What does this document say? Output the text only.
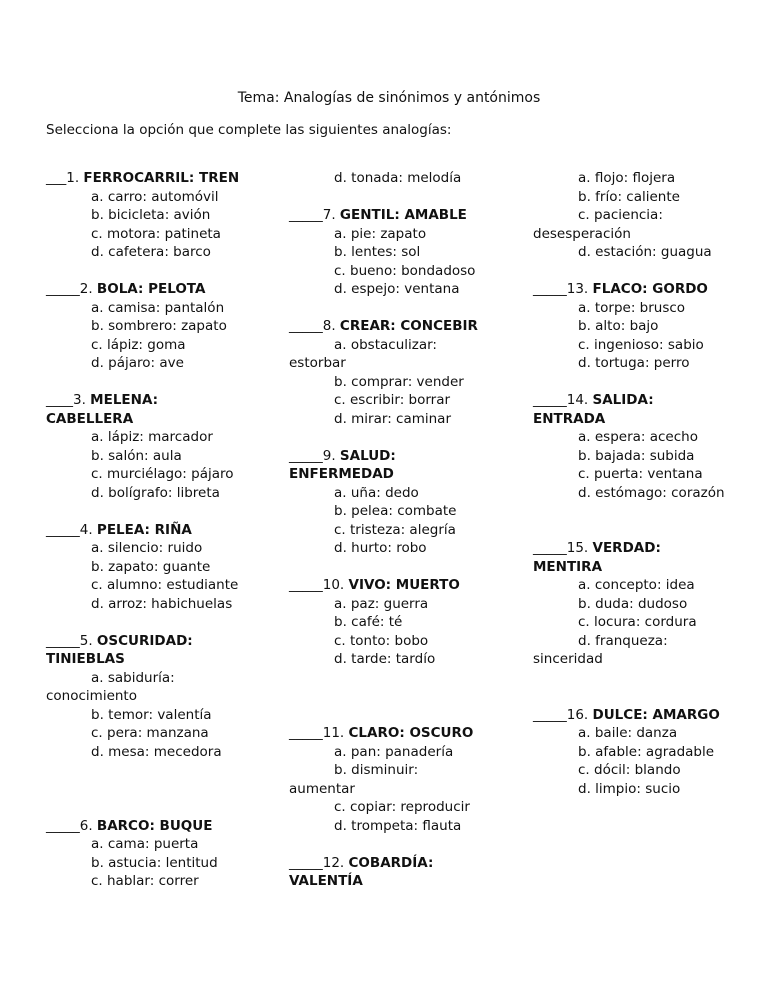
Tema: Analogías de sinónimos y antónimos

Selecciona la opción que complete las siguientes analogías:

___1. FERROCARRIL: TREN
a. carro: automóvil
b. bicicleta: avión
c. motora: patineta
d. cafetera: barco
_____2. BOLA: PELOTA
a. camisa: pantalón
b. sombrero: zapato
c. lápiz: goma
d. pájaro: ave
____3. MELENA:
CABELLERA
a. lápiz: marcador
b. salón: aula
c. murciélago: pájaro
d. bolígrafo: libreta
_____4. PELEA: RIÑA
a. silencio: ruido
b. zapato: guante
c. alumno: estudiante
d. arroz: habichuelas
_____5. OSCURIDAD:
TINIEBLAS
a. sabiduría:
conocimiento
b. temor: valentía
c. pera: manzana
d. mesa: mecedora
_____6. BARCO: BUQUE
a. cama: puerta
b. astucia: lentitud
c. hablar: correr
d. tonada: melodía
_____7. GENTIL: AMABLE
a. pie: zapato
b. lentes: sol
c. bueno: bondadoso
d. espejo: ventana
_____8. CREAR: CONCEBIR
a. obstaculizar:
estorbar
b. comprar: vender
c. escribir: borrar
d. mirar: caminar
_____9. SALUD:
ENFERMEDAD
a. uña: dedo
b. pelea: combate
c. tristeza: alegría
d. hurto: robo
_____10. VIVO: MUERTO
a. paz: guerra
b. café: té
c. tonto: bobo
d. tarde: tardío
_____11. CLARO: OSCURO
a. pan: panadería
b. disminuir:
aumentar
c. copiar: reproducir
d. trompeta: flauta
_____12. COBARDÍA:
VALENTÍA
a. flojo: flojera
b. frío: caliente
c. paciencia:
desesperación
d. estación: guagua
_____13. FLACO: GORDO
a. torpe: brusco
b. alto: bajo
c. ingenioso: sabio
d. tortuga: perro
_____14. SALIDA:
ENTRADA
a. espera: acecho
b. bajada: subida
c. puerta: ventana
d. estómago: corazón
_____15. VERDAD:
MENTIRA
a. concepto: idea
b. duda: dudoso
c. locura: cordura
d. franqueza:
sinceridad
_____16. DULCE: AMARGO
a. baile: danza
b. afable: agradable
c. dócil: blando
d. limpio: sucio
